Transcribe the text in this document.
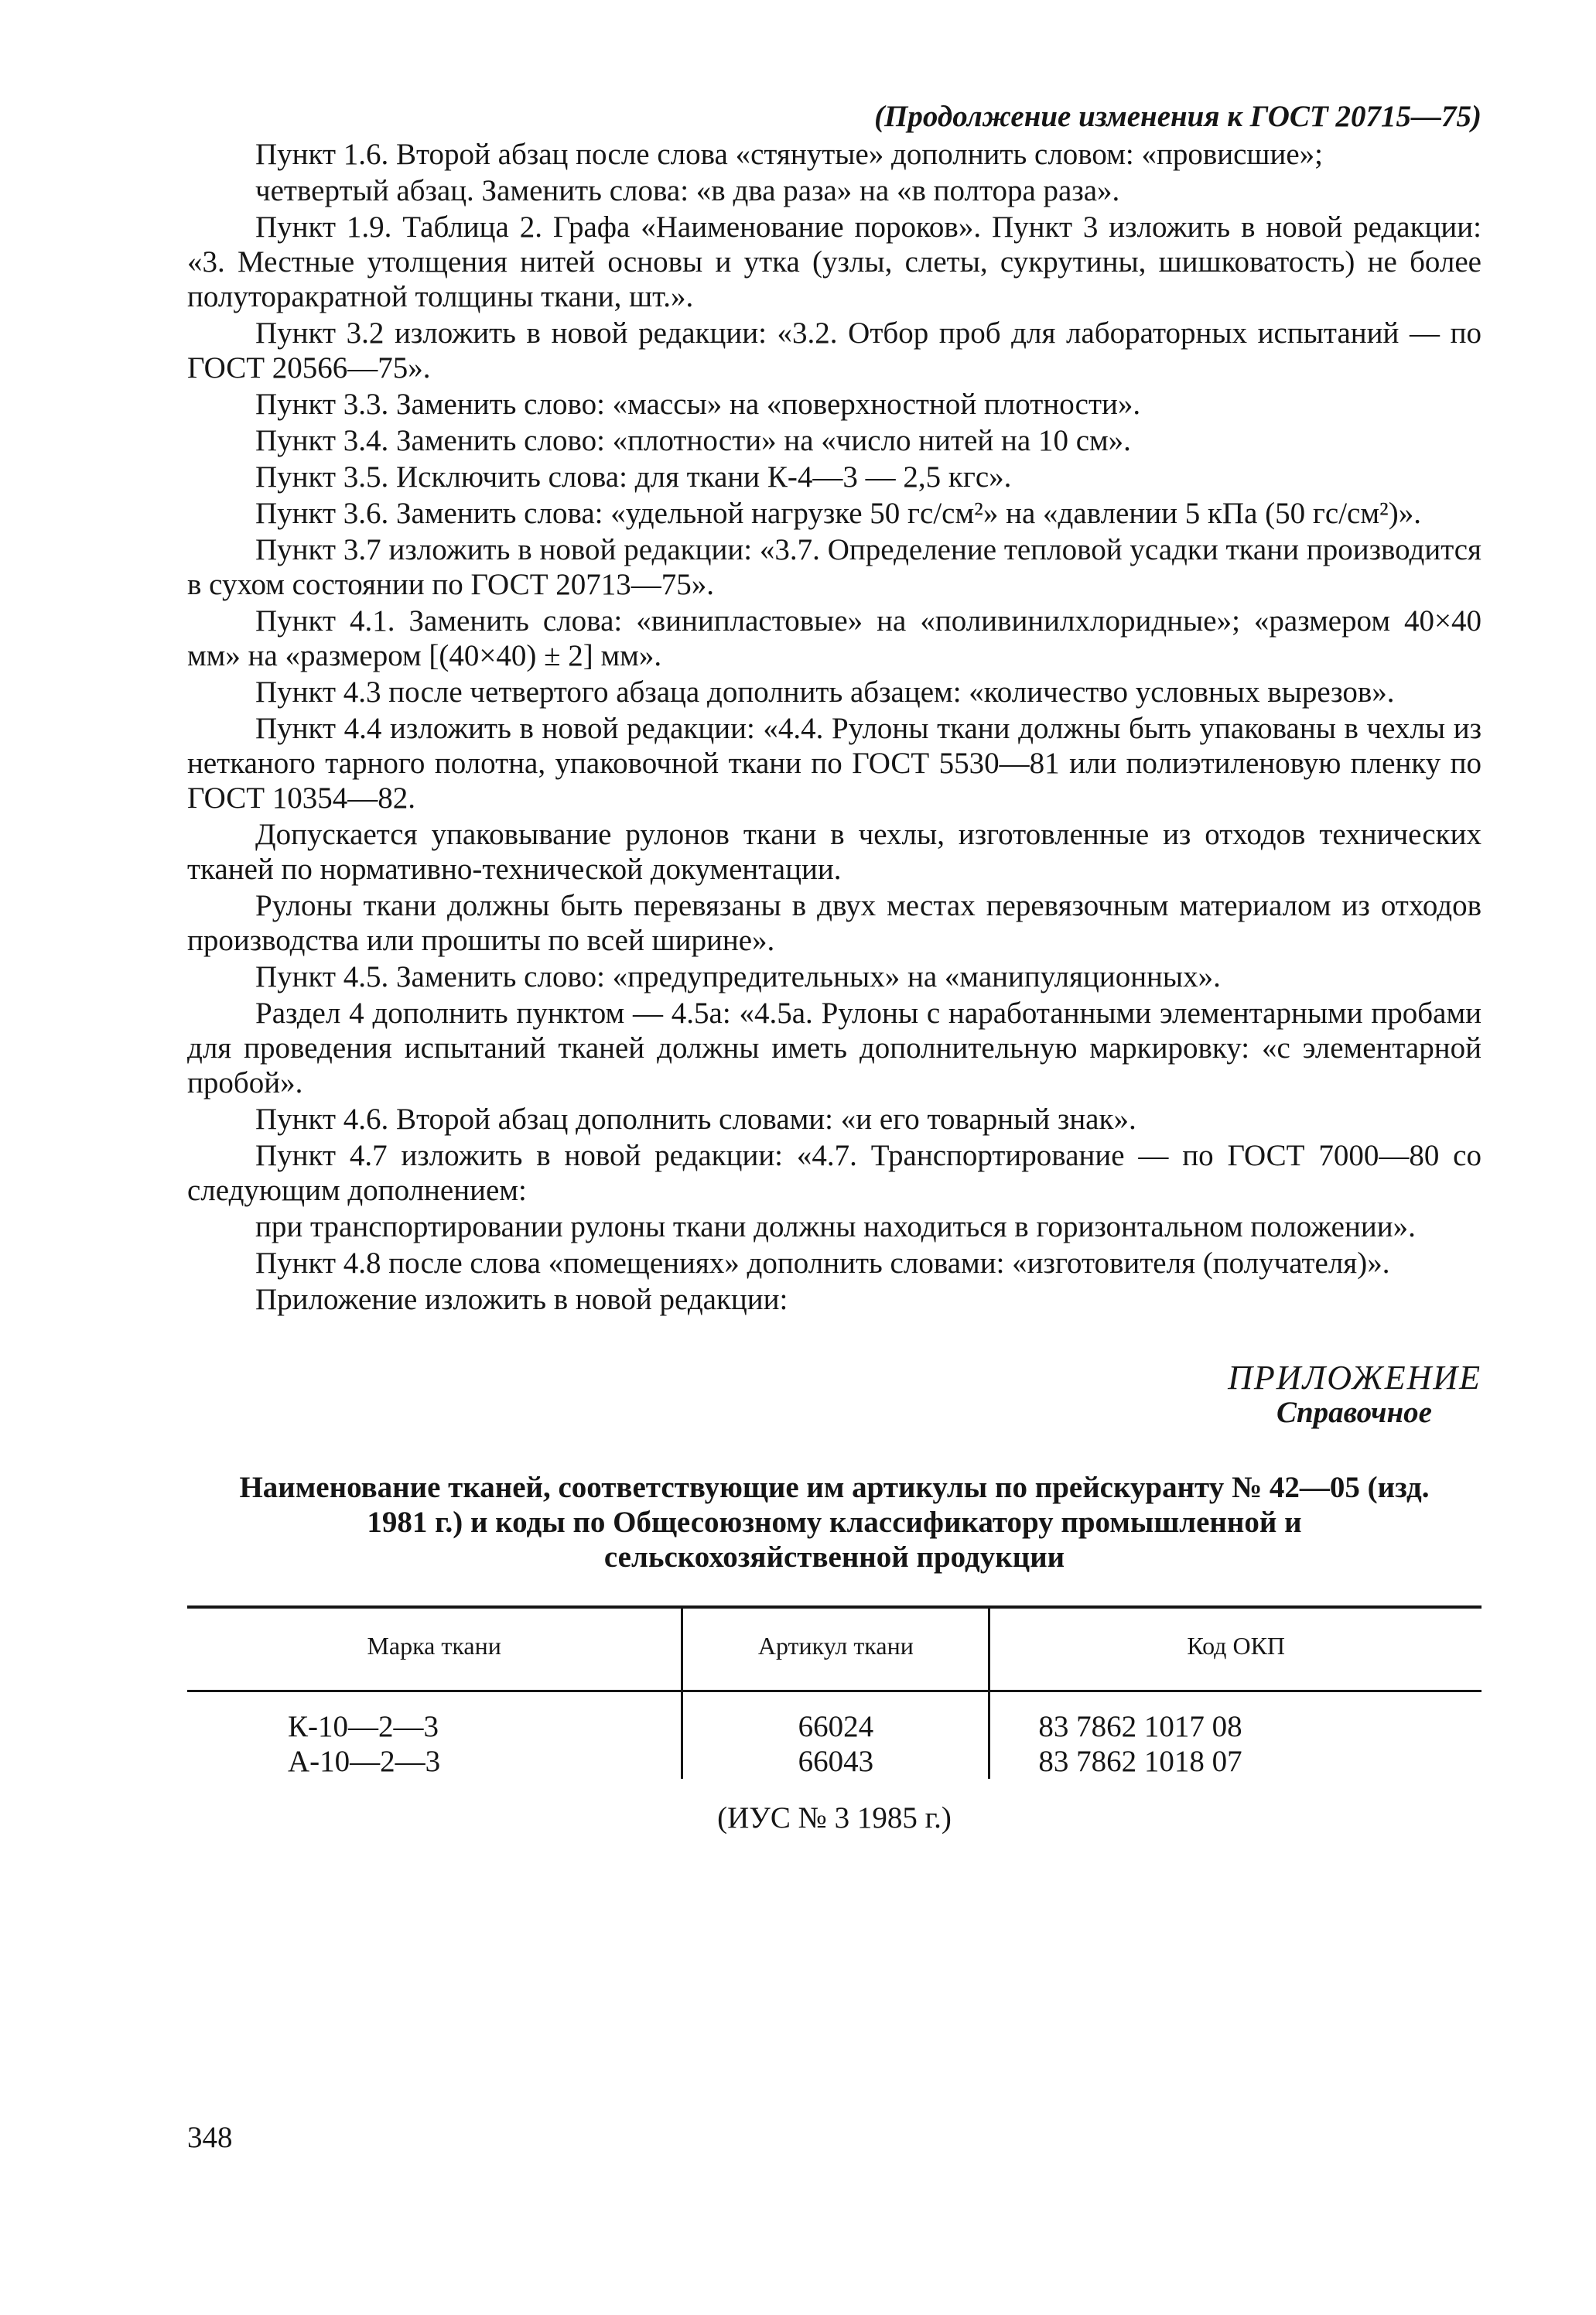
(Продолжение изменения к ГОСТ 20715—75)

Пункт 1.6. Второй абзац после слова «стянутые» дополнить словом: «провисшие»;

четвертый абзац. Заменить слова: «в два раза» на «в полтора раза».

Пункт 1.9. Таблица 2. Графа «Наименование пороков». Пункт 3 изложить в новой редакции: «3. Местные утолщения нитей основы и утка (узлы, слеты, сукрутины, шишковатость) не более полуторакратной толщины ткани, шт.».

Пункт 3.2 изложить в новой редакции: «3.2. Отбор проб для лабораторных испытаний — по ГОСТ 20566—75».

Пункт 3.3. Заменить слово: «массы» на «поверхностной плотности».

Пункт 3.4. Заменить слово: «плотности» на «число нитей на 10 см».

Пункт 3.5. Исключить слова: для ткани К-4—3 — 2,5 кгс».

Пункт 3.6. Заменить слова: «удельной нагрузке 50 гс/см²» на «давлении 5 кПа (50 гс/см²)».

Пункт 3.7 изложить в новой редакции: «3.7. Определение тепловой усадки ткани производится в сухом состоянии по ГОСТ 20713—75».

Пункт 4.1. Заменить слова: «винипластовые» на «поливинилхлоридные»; «размером 40×40 мм» на «размером [(40×40) ± 2] мм».

Пункт 4.3 после четвертого абзаца дополнить абзацем: «количество условных вырезов».

Пункт 4.4 изложить в новой редакции: «4.4. Рулоны ткани должны быть упакованы в чехлы из нетканого тарного полотна, упаковочной ткани по ГОСТ 5530—81 или полиэтиленовую пленку по ГОСТ 10354—82.

Допускается упаковывание рулонов ткани в чехлы, изготовленные из отходов технических тканей по нормативно-технической документации.

Рулоны ткани должны быть перевязаны в двух местах перевязочным материалом из отходов производства или прошиты по всей ширине».

Пункт 4.5. Заменить слово: «предупредительных» на «манипуляционных».

Раздел 4 дополнить пунктом — 4.5а: «4.5а. Рулоны с наработанными элементарными пробами для проведения испытаний тканей должны иметь дополнительную маркировку: «с элементарной пробой».

Пункт 4.6. Второй абзац дополнить словами: «и его товарный знак».

Пункт 4.7 изложить в новой редакции: «4.7. Транспортирование — по ГОСТ 7000—80 со следующим дополнением:

при транспортировании рулоны ткани должны находиться в горизонтальном положении».

Пункт 4.8 после слова «помещениях» дополнить словами: «изготовителя (получателя)».

Приложение изложить в новой редакции:

ПРИЛОЖЕНИЕ
Справочное
Наименование тканей, соответствующие им артикулы по прейскуранту № 42—05 (изд. 1981 г.) и коды по Общесоюзному классификатору промышленной и сельскохозяйственной продукции
Марка ткани	Артикул ткани	Код ОКП
К-10—2—3	66024	83 7862 1017 08
А-10—2—3	66043	83 7862 1018 07
(ИУС № 3 1985 г.)
348
